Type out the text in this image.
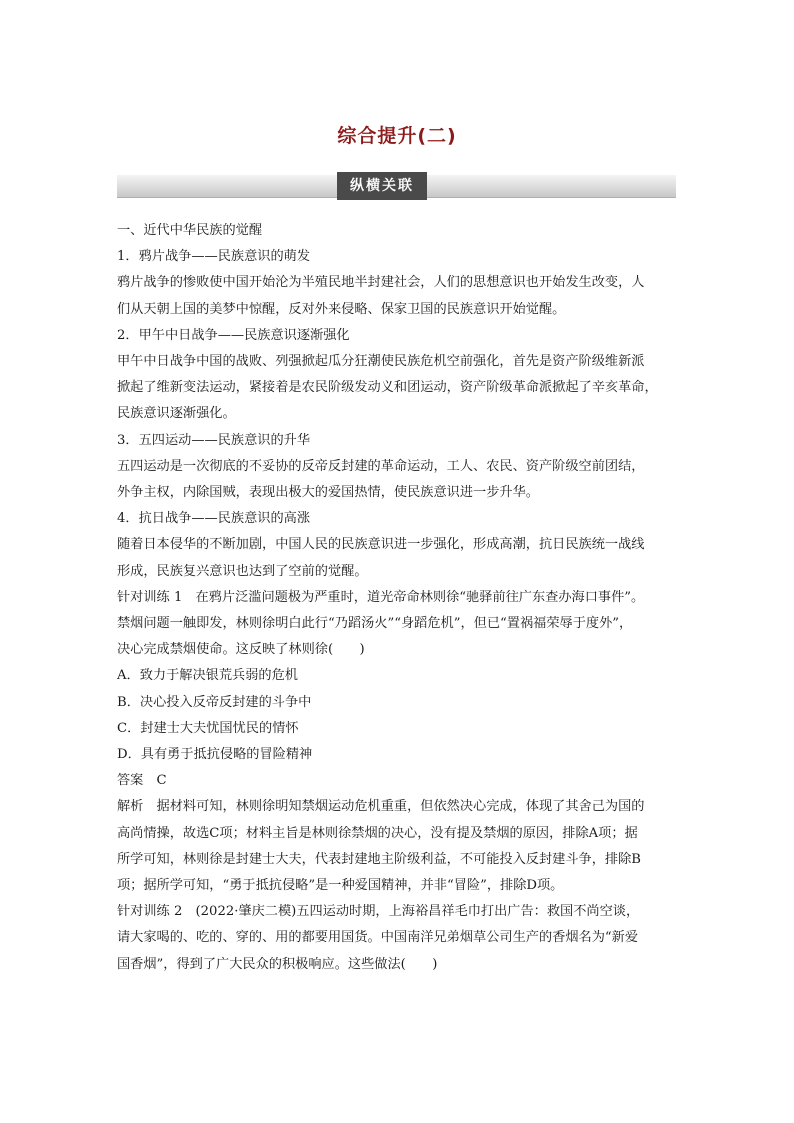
综合提升(二)
纵横关联

一、近代中华民族的觉醒

1．鸦片战争——民族意识的萌发

鸦片战争的惨败使中国开始沦为半殖民地半封建社会，人们的思想意识也开始发生改变，人

们从天朝上国的美梦中惊醒，反对外来侵略、保家卫国的民族意识开始觉醒。

2．甲午中日战争——民族意识逐渐强化

甲午中日战争中国的战败、列强掀起瓜分狂潮使民族危机空前强化，首先是资产阶级维新派

掀起了维新变法运动，紧接着是农民阶级发动义和团运动，资产阶级革命派掀起了辛亥革命，

民族意识逐渐强化。

3．五四运动——民族意识的升华

五四运动是一次彻底的不妥协的反帝反封建的革命运动，工人、农民、资产阶级空前团结，

外争主权，内除国贼，表现出极大的爱国热情，使民族意识进一步升华。

4．抗日战争——民族意识的高涨

随着日本侵华的不断加剧，中国人民的民族意识进一步强化，形成高潮，抗日民族统一战线

形成，民族复兴意识也达到了空前的觉醒。

针对训练 1　在鸦片泛滥问题极为严重时，道光帝命林则徐“驰驿前往广东查办海口事件”。

禁烟问题一触即发，林则徐明白此行“乃蹈汤火”“身蹈危机”，但已“置祸福荣辱于度外”，

决心完成禁烟使命。这反映了林则徐(　　)

A．致力于解决银荒兵弱的危机

B．决心投入反帝反封建的斗争中

C．封建士大夫忧国忧民的情怀

D．具有勇于抵抗侵略的冒险精神

答案　C

解析　据材料可知，林则徐明知禁烟运动危机重重，但依然决心完成，体现了其舍己为国的

高尚情操，故选C项；材料主旨是林则徐禁烟的决心，没有提及禁烟的原因，排除A项；据

所学可知，林则徐是封建士大夫，代表封建地主阶级利益，不可能投入反封建斗争，排除B

项；据所学可知，“勇于抵抗侵略”是一种爱国精神，并非“冒险”，排除D项。

针对训练 2　(2022·肇庆二模)五四运动时期，上海裕昌祥毛巾打出广告：救国不尚空谈，

请大家喝的、吃的、穿的、用的都要用国货。中国南洋兄弟烟草公司生产的香烟名为“新爱

国香烟”，得到了广大民众的积极响应。这些做法(　　)
